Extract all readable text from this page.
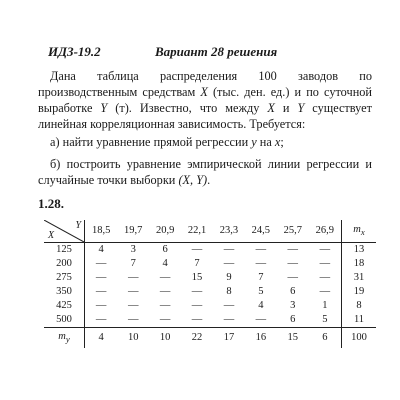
ИДЗ-19.2	Вариант 28 решения

Дана таблица распределения 100 заводов по производственным средствам X (тыс. ден. ед.) и по суточной выработке Y (т). Известно, что между X и Y существует линейная корреляционная зависимость. Требуется:

а) найти уравнение прямой регрессии y на x;

б) построить уравнение эмпирической линии регрессии и случайные точки выборки (X, Y).

1.28.
Y
X	18,5	19,7	20,9	22,1	23,3	24,5	25,7	26,9	$m_x$
125	4	3	6	—	—	—	—	—	13
200	—	7	4	7	—	—	—	—	18
275	—	—	—	15	9	7	—	—	31
350	—	—	—	—	8	5	6	—	19
425	—	—	—	—	—	4	3	1	8
500	—	—	—	—	—	—	6	5	11
$m_y$	4	10	10	22	17	16	15	6	100
